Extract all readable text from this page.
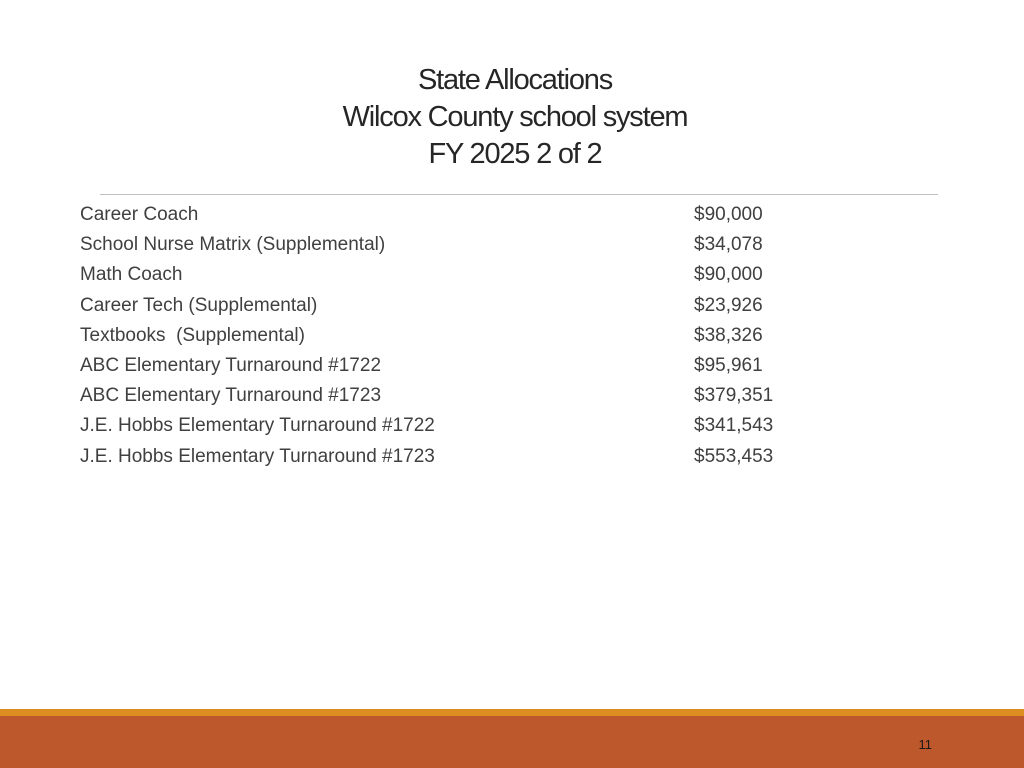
State Allocations
Wilcox County school system
FY 2025 2 of 2
Career Coach	$90,000
School Nurse Matrix (Supplemental)	$34,078
Math Coach	$90,000
Career Tech (Supplemental)	$23,926
Textbooks  (Supplemental)	$38,326
ABC Elementary Turnaround #1722	$95,961
ABC Elementary Turnaround #1723	$379,351
J.E. Hobbs Elementary Turnaround #1722	$341,543
J.E. Hobbs Elementary Turnaround #1723	$553,453
11
